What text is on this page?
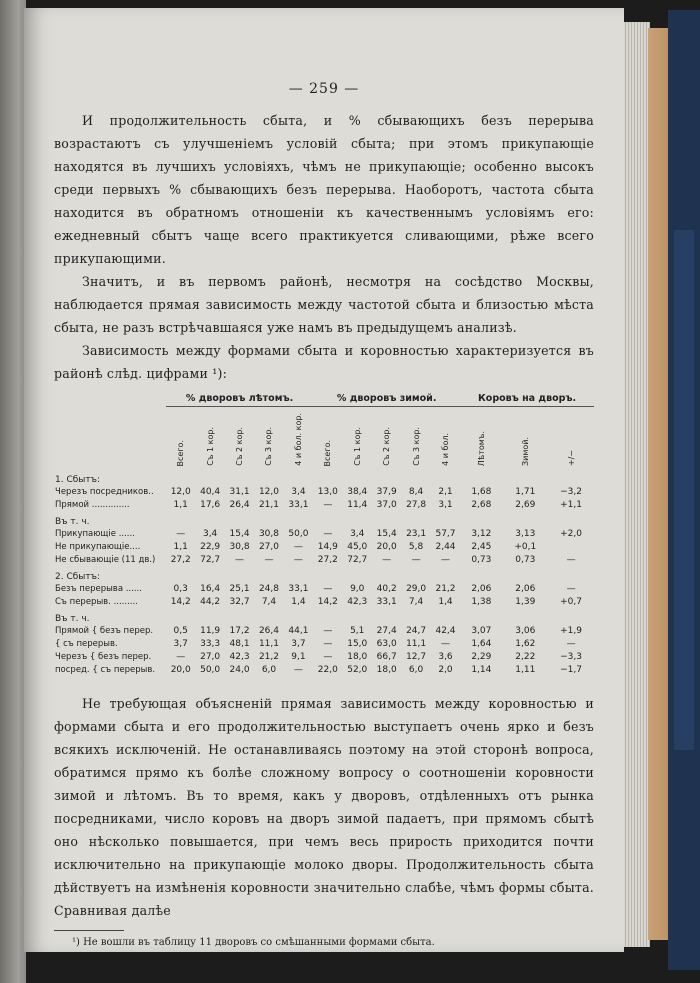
— 259 —

И продолжительность сбыта, и % сбывающихъ безъ перерыва возрастаютъ съ улучшеніемъ условій сбыта; при этомъ прикупающіе находятся въ лучшихъ условіяхъ, чѣмъ не прикупающіе; особенно высокъ среди первыхъ % сбывающихъ безъ перерыва. Наоборотъ, частота сбыта находится въ обратномъ отношеніи къ качественнымъ условіямъ его: ежедневный сбытъ чаще всего практикуется сливающими, рѣже всего прикупающими.

Значитъ, и въ первомъ районѣ, несмотря на сосѣдство Москвы, наблюдается прямая зависимость между частотой сбыта и близостью мѣста сбыта, не разъ встрѣчавшаяся уже намъ въ предыдущемъ анализѣ.

Зависимость между формами сбыта и коровностью характеризуется въ районѣ слѣд. цифрами ¹):

	% дворовъ лѣтомъ.					% дворовъ зимой.					Коровъ на дворъ.		
	Всего.	Съ 1 кор.	Съ 2 кор.	Съ 3 кор.	4 и бол. кор.	Всего.	Съ 1 кор.	Съ 2 кор.	Съ 3 кор.	4 и бол.	Лѣтомъ.	Зимой.	+/−
1. Сбытъ:													
Черезъ посредников..	12,0	40,4	31,1	12,0	3,4	13,0	38,4	37,9	8,4	2,1	1,68	1,71	−3,2
Прямой ..............	1,1	17,6	26,4	21,1	33,1	—	11,4	37,0	27,8	3,1	2,68	2,69	+1,1
Въ т. ч.													
Прикупающіе ......	—	3,4	15,4	30,8	50,0	—	3,4	15,4	23,1	57,7	3,12	3,13	+2,0
Не прикупающіе....	1,1	22,9	30,8	27,0	—	14,9	45,0	20,0	5,8	2,44	2,45	+0,1	
Не сбывающіе (11 дв.)	27,2	72,7	—	—	—	27,2	72,7	—	—	—	0,73	0,73	—
2. Сбытъ:													
Безъ перерыва ......	0,3	16,4	25,1	24,8	33,1	—	9,0	40,2	29,0	21,2	2,06	2,06	—
Съ перерыв. .........	14,2	44,2	32,7	7,4	1,4	14,2	42,3	33,1	7,4	1,4	1,38	1,39	+0,7
Въ т. ч.													
Прямой { безъ перер.	0,5	11,9	17,2	26,4	44,1	—	5,1	27,4	24,7	42,4	3,07	3,06	+1,9
{ съ перерыв.	3,7	33,3	48,1	11,1	3,7	—	15,0	63,0	11,1	—	1,64	1,62	—
Черезъ { безъ перер.	—	27,0	42,3	21,2	9,1	—	18,0	66,7	12,7	3,6	2,29	2,22	−3,3
посред. { съ перерыв.	20,0	50,0	24,0	6,0	—	22,0	52,0	18,0	6,0	2,0	1,14	1,11	−1,7

Не требующая объясненій прямая зависимость между коровностью и формами сбыта и его продолжительностью выступаетъ очень ярко и безъ всякихъ исключеній. Не останавливаясь поэтому на этой сторонѣ вопроса, обратимся прямо къ болѣе сложному вопросу о соотношеніи коровности зимой и лѣтомъ. Въ то время, какъ у дворовъ, отдѣленныхъ отъ рынка посредниками, число коровъ на дворъ зимой падаетъ, при прямомъ сбытѣ оно нѣсколько повышается, при чемъ весь прирость приходится почти исключительно на прикупающіе молоко дворы. Продолжительность сбыта дѣйствуетъ на измѣненія коровности значительно слабѣе, чѣмъ формы сбыта. Сравнивая далѣе

¹) Не вошли въ таблицу 11 дворовъ со смѣшанными формами сбыта.
